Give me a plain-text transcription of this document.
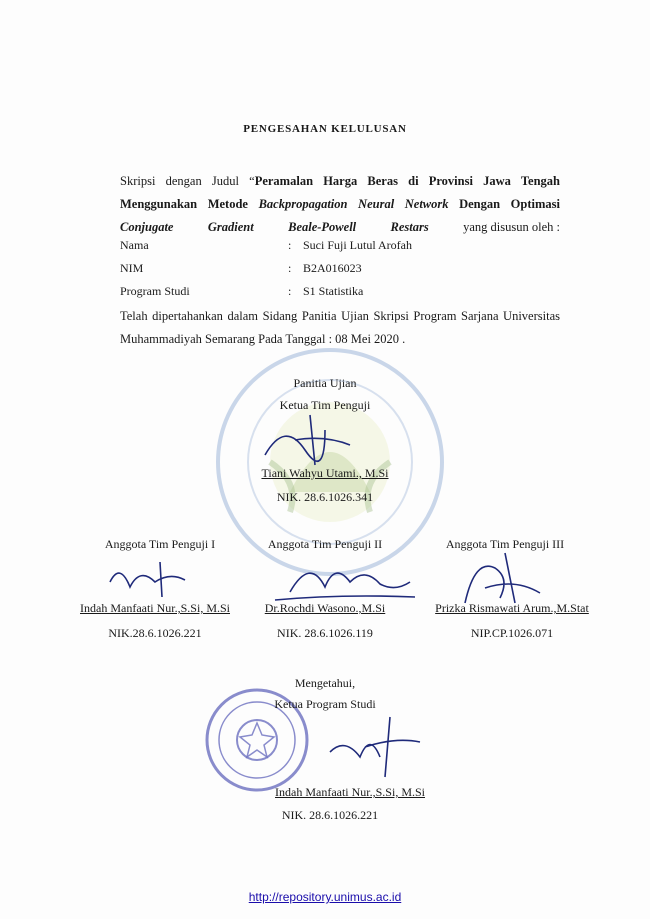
PENGESAHAN KELULUSAN
Skripsi dengan Judul “Peramalan Harga Beras di Provinsi Jawa Tengah Menggunakan Metode Backpropagation Neural Network Dengan Optimasi Conjugate Gradient Beale-Powell Restars	yang disusun oleh :
Nama	: Suci Fuji Lutul Arofah
NIM	: B2A016023
Program Studi	: S1 Statistika
Telah dipertahankan dalam Sidang Panitia Ujian Skripsi Program Sarjana Universitas Muhammadiyah Semarang Pada Tanggal : 08 Mei 2020 .
Panitia Ujian
Ketua Tim Penguji
Tiani Wahyu Utami., M.Si
NIK. 28.6.1026.341
Anggota Tim Penguji I	Anggota Tim Penguji II	Anggota Tim Penguji III
Indah Manfaati Nur.,S.Si, M.Si	Dr.Rochdi Wasono.,M.Si	Prizka Rismawati Arum.,M.Stat
NIK.28.6.1026.221	NIK. 28.6.1026.119	NIP.CP.1026.071
Mengetahui,
Ketua Program Studi
Indah Manfaati Nur.,S.Si, M.Si
NIK. 28.6.1026.221
http://repository.unimus.ac.id
